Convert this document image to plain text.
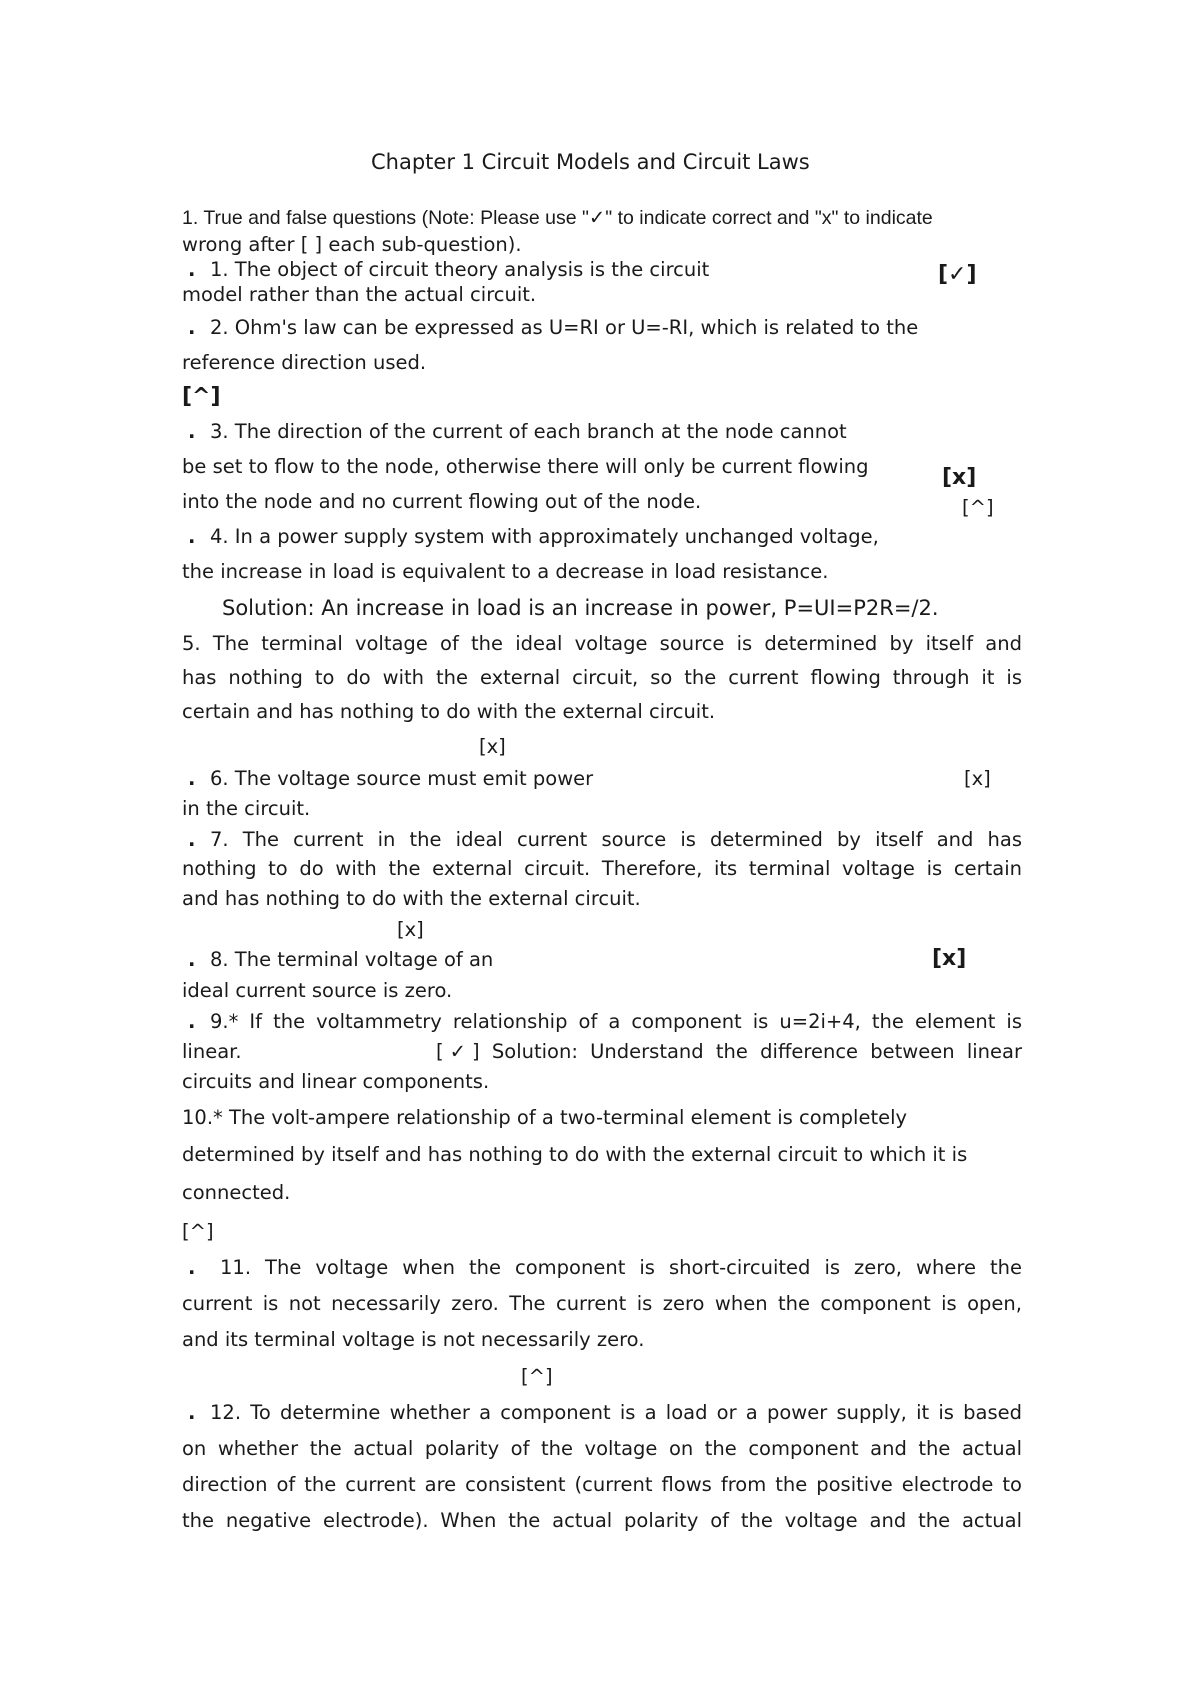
Chapter 1 Circuit Models and Circuit Laws
1. True and false questions (Note: Please use "✓" to indicate correct and "x" to indicate
wrong after [ ] each sub-question).
. 1. The object of circuit theory analysis is the circuit
model rather than the actual circuit.
[✓]
. 2. Ohm's law can be expressed as U=RI or U=-RI, which is related to the
reference direction used.
[^]
. 3. The direction of the current of each branch at the node cannot
be set to flow to the node, otherwise there will only be current flowing
into the node and no current flowing out of the node.
[x]
[^]
. 4. In a power supply system with approximately unchanged voltage,
the increase in load is equivalent to a decrease in load resistance.
Solution: An increase in load is an increase in power, P=UI=P2R=/2.
5. The terminal voltage of the ideal voltage source is determined by itself and
has nothing to do with the external circuit, so the current flowing through it is
certain and has nothing to do with the external circuit.
[x]
. 6. The voltage source must emit power
in the circuit.
[x]
. 7. The current in the ideal current source is determined by itself and has
nothing to do with the external circuit. Therefore, its terminal voltage is certain
and has nothing to do with the external circuit.
[x]
. 8. The terminal voltage of an
ideal current source is zero.
[x]
. 9.* If the voltammetry relationship of a component is u=2i+4, the element is
linear.	[✓] Solution: Understand the difference between linear
circuits and linear components.
10.* The volt-ampere relationship of a two-terminal element is completely
determined by itself and has nothing to do with the external circuit to which it is
connected.
[^]
. 11. The voltage when the component is short-circuited is zero, where the
current is not necessarily zero. The current is zero when the component is open,
and its terminal voltage is not necessarily zero.
[^]
. 12. To determine whether a component is a load or a power supply, it is based
on whether the actual polarity of the voltage on the component and the actual
direction of the current are consistent (current flows from the positive electrode to
the negative electrode). When the actual polarity of the voltage and the actual
